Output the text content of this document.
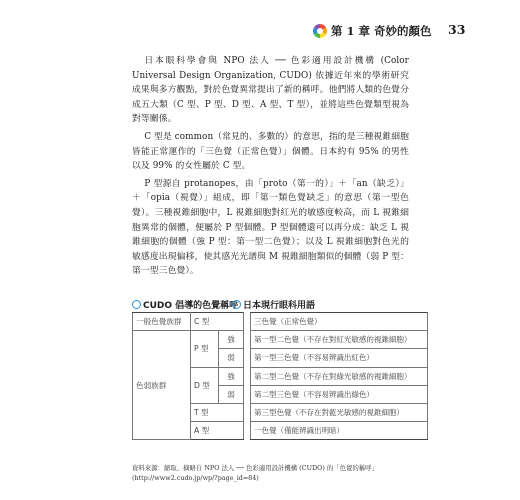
第 1 章 奇妙的顏色 33

日本眼科學會與 NPO 法人 ── 色彩適用設計機構 (Color Universal Design Organization, CUDO) 依據近年來的學術研究成果與多方觀點，對於色覺異常提出了新的稱呼。他們將人類的色覺分成五大類（C 型、P 型、D 型、A 型、T 型），並將這些色覺類型視為對等關係。

C 型是 common（常見的、多數的）的意思，指的是三種視錐細胞皆能正常運作的「三色覺（正常色覺）」個體。日本約有 95% 的男性以及 99% 的女性屬於 C 型。

P 型源自 protanopes，由「proto（第一的）」＋「an（缺乏）」＋「opia（視覺）」組成，即「第一類色覺缺乏」的意思（第一型色覺）。三種視錐細胞中，L 視錐細胞對紅光的敏感度較高，而 L 視錐細胞異常的個體，便屬於 P 型個體。P 型個體還可以再分成：缺乏 L 視錐細胞的個體（強 P 型：第一型二色覺）；以及 L 視錐細胞對色光的敏感度出現偏移，使其感光光譜與 M 視錐細胞類似的個體（弱 P 型：第一型三色覺）。

CUDO 倡導的色覺稱呼 日本現行眼科用語
一般色覺族群	C 型			三色覺（正常色覺）
色弱族群	P 型	強		第一型二色覺（不存在對紅光敏感的視錐細胞）
		弱		第一型三色覺（不容易辨識出紅色）
	D 型	強		第二型二色覺（不存在對綠光敏感的視錐細胞）
		弱		第二型三色覺（不容易辨識出綠色）
	T 型			第三型色覺（不存在對藍光敏感的視錐細胞）
	A 型			一色覺（僅能辨識出明暗）
資料來源：縮取、摘略自 NPO 法人 ── 色彩適用設計機構 (CUDO) 的「色覺的稱呼」(http://www2.cudo.jp/wp/?page_id=84)
